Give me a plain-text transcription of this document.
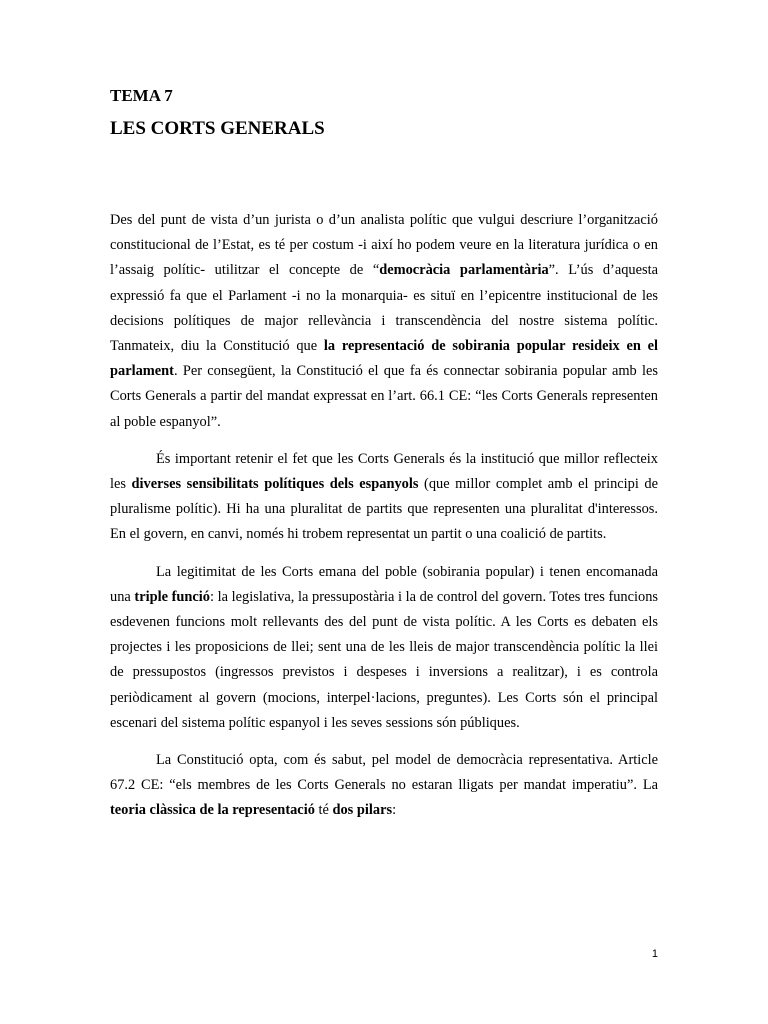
TEMA 7

LES CORTS GENERALS

Des del punt de vista d’un jurista o d’un analista polític que vulgui descriure l’organització constitucional de l’Estat, es té per costum -i així ho podem veure en la literatura jurídica o en l’assaig polític- utilitzar el concepte de “democràcia parlamentària”. L’ús d’aquesta expressió fa que el Parlament -i no la monarquia- es situï en l’epicentre institucional de les decisions polítiques de major rellevància i transcendència del nostre sistema polític. Tanmateix, diu la Constitució que la representació de sobirania popular resideix en el parlament. Per consegüent, la Constitució el que fa és connectar sobirania popular amb les Corts Generals a partir del mandat expressat en l’art. 66.1 CE: “les Corts Generals representen al poble espanyol”.

És important retenir el fet que les Corts Generals és la institució que millor reflecteix les diverses sensibilitats polítiques dels espanyols (que millor complet amb el principi de pluralisme polític). Hi ha una pluralitat de partits que representen una pluralitat d'interessos. En el govern, en canvi, només hi trobem representat un partit o una coalició de partits.

La legitimitat de les Corts emana del poble (sobirania popular) i tenen encomanada una triple funció: la legislativa, la pressupostària i la de control del govern. Totes tres funcions esdevenen funcions molt rellevants des del punt de vista polític. A les Corts es debaten els projectes i les proposicions de llei; sent una de les lleis de major transcendència polític la llei de pressupostos (ingressos previstos i despeses i inversions a realitzar), i es controla periòdicament al govern (mocions, interpel·lacions, preguntes). Les Corts són el principal escenari del sistema polític espanyol i les seves sessions són públiques.

La Constitució opta, com és sabut, pel model de democràcia representativa. Article 67.2 CE: “els membres de les Corts Generals no estaran lligats per mandat imperatiu”. La teoria clàssica de la representació té dos pilars:

1
